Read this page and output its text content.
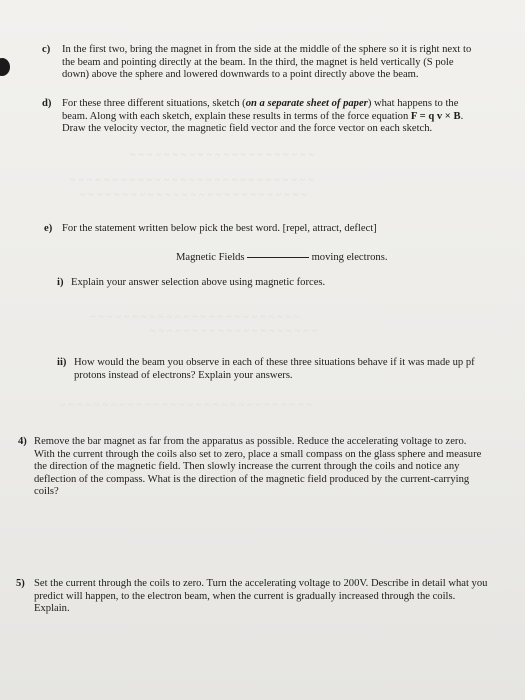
~ ~ ~ ~ ~ ~ ~ ~ ~ ~ ~ ~ ~ ~ ~ ~ ~ ~ ~ ~ ~ ~
~ ~ ~ ~ ~ ~ ~ ~ ~ ~ ~ ~ ~ ~ ~ ~ ~ ~ ~ ~ ~ ~ ~ ~ ~ ~ ~ ~ ~
~ ~ ~ ~ ~ ~ ~ ~ ~ ~ ~ ~ ~ ~ ~ ~ ~ ~ ~ ~ ~ ~ ~ ~ ~ ~ ~
~ ~ ~ ~ ~ ~ ~ ~ ~ ~ ~ ~ ~ ~ ~ ~ ~ ~ ~ ~ ~ ~ ~ ~ ~
~ ~ ~ ~ ~ ~ ~ ~ ~ ~ ~ ~ ~ ~ ~ ~ ~ ~ ~ ~
~ ~ ~ ~ ~ ~ ~ ~ ~ ~ ~ ~ ~ ~ ~ ~ ~ ~ ~ ~ ~ ~ ~ ~ ~ ~ ~ ~ ~ ~
c) In the first two, bring the magnet in from the side at the middle of the sphere so it is right next to the beam and pointing directly at the beam. In the third, the magnet is held vertically (S pole down) above the sphere and lowered downwards to a point directly above the beam.
d) For these three different situations, sketch (on a separate sheet of paper) what happens to the beam. Along with each sketch, explain these results in terms of the force equation F = q v × B. Draw the velocity vector, the magnetic field vector and the force vector on each sketch.
e) For the statement written below pick the best word. [repel, attract, deflect]
Magnetic Fields	moving electrons.
i) Explain your answer selection above using magnetic forces.
ii) How would the beam you observe in each of these three situations behave if it was made up pf protons instead of electrons? Explain your answers.
4) Remove the bar magnet as far from the apparatus as possible. Reduce the accelerating voltage to zero. With the current through the coils also set to zero, place a small compass on the glass sphere and measure the direction of the magnetic field. Then slowly increase the current through the coils and notice any deflection of the compass. What is the direction of the magnetic field produced by the current-carrying coils?
5) Set the current through the coils to zero. Turn the accelerating voltage to 200V. Describe in detail what you predict will happen, to the electron beam, when the current is gradually increased through the coils. Explain.
